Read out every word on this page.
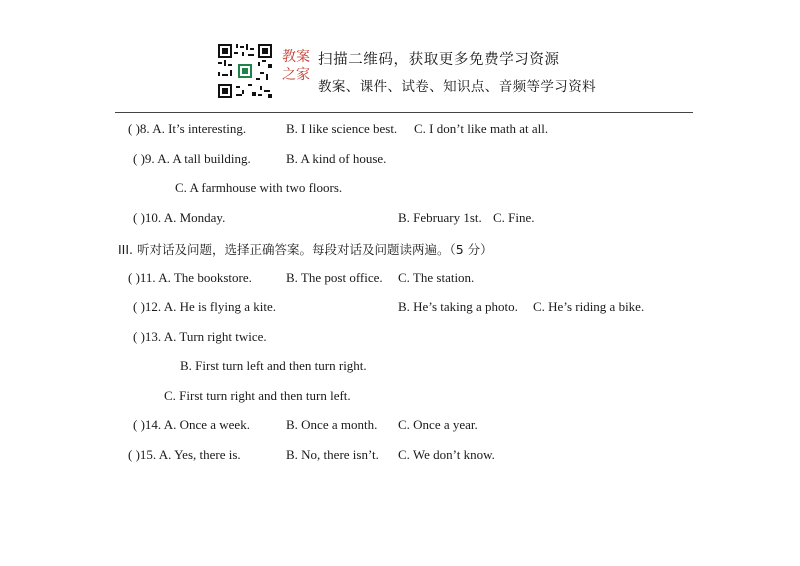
教案
之家
扫描二维码，获取更多免费学习资源
教案、课件、试卷、知识点、音频等学习资料
( )8. A. It’s interesting.	B. I like science best. C. I don’t like math at all.
( )9. A. A tall building.	B. A kind of house.
C. A farmhouse with two floors.
( )10. A. Monday.	B. February 1st. C. Fine.
III. 听对话及问题，选择正确答案。每段对话及问题读两遍。（5 分）
( )11. A. The bookstore.	B. The post office. C. The station.
( )12. A. He is flying a kite.	B. He’s taking a photo. C. He’s riding a bike.
( )13. A. Turn right twice.
B. First turn left and then turn right.
C. First turn right and then turn left.
( )14. A. Once a week.	B. Once a month. C. Once a year.
( )15. A. Yes, there is.	B. No, there isn’t. C. We don’t know.
